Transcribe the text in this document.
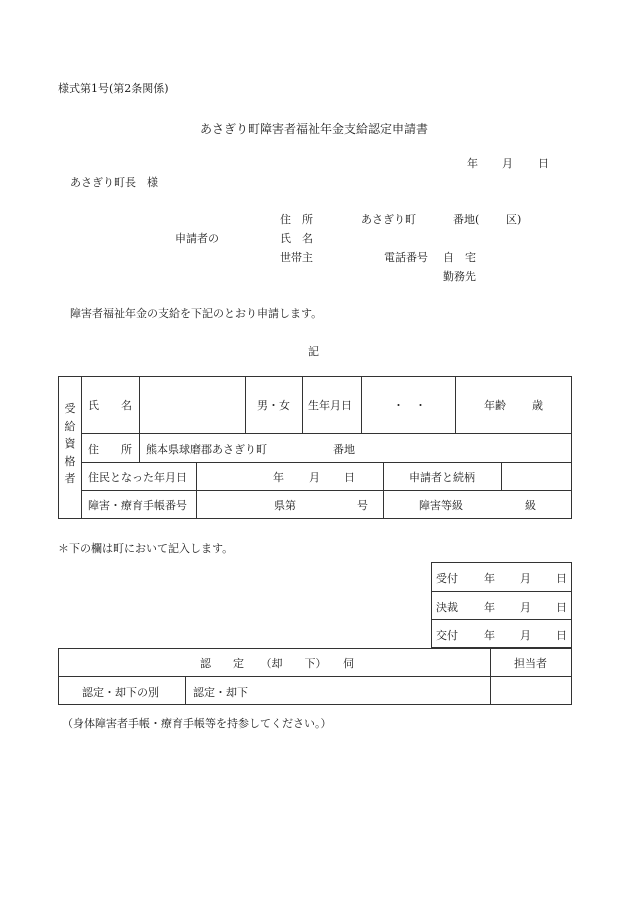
様式第1号(第2条関係)
あさぎり町障害者福祉年金支給認定申請書
年 月 日
あさぎり町長　様
住　所	あさぎり町	番地( 区)
申請者の	氏　名
世帯主	電話番号 自　宅
勤務先
障害者福祉年金の支給を下記のとおり申請します。
記
受
給
資
格
者
氏　　名	男・女 生年月日	・　・	年齢 歳
住　　所 熊本県球磨郡あさぎり町	番地
住民となった年月日	年 月 日	申請者と続柄
障害・療育手帳番号	県第	号	障害等級	級
＊下の欄は町において記入します。
受付 年 月 日
決裁 年 月 日
交付 年 月 日
認　　定　　（却　　下）　　伺	担当者
認定・却下の別	認定・却下
（身体障害者手帳・療育手帳等を持参してください。）
